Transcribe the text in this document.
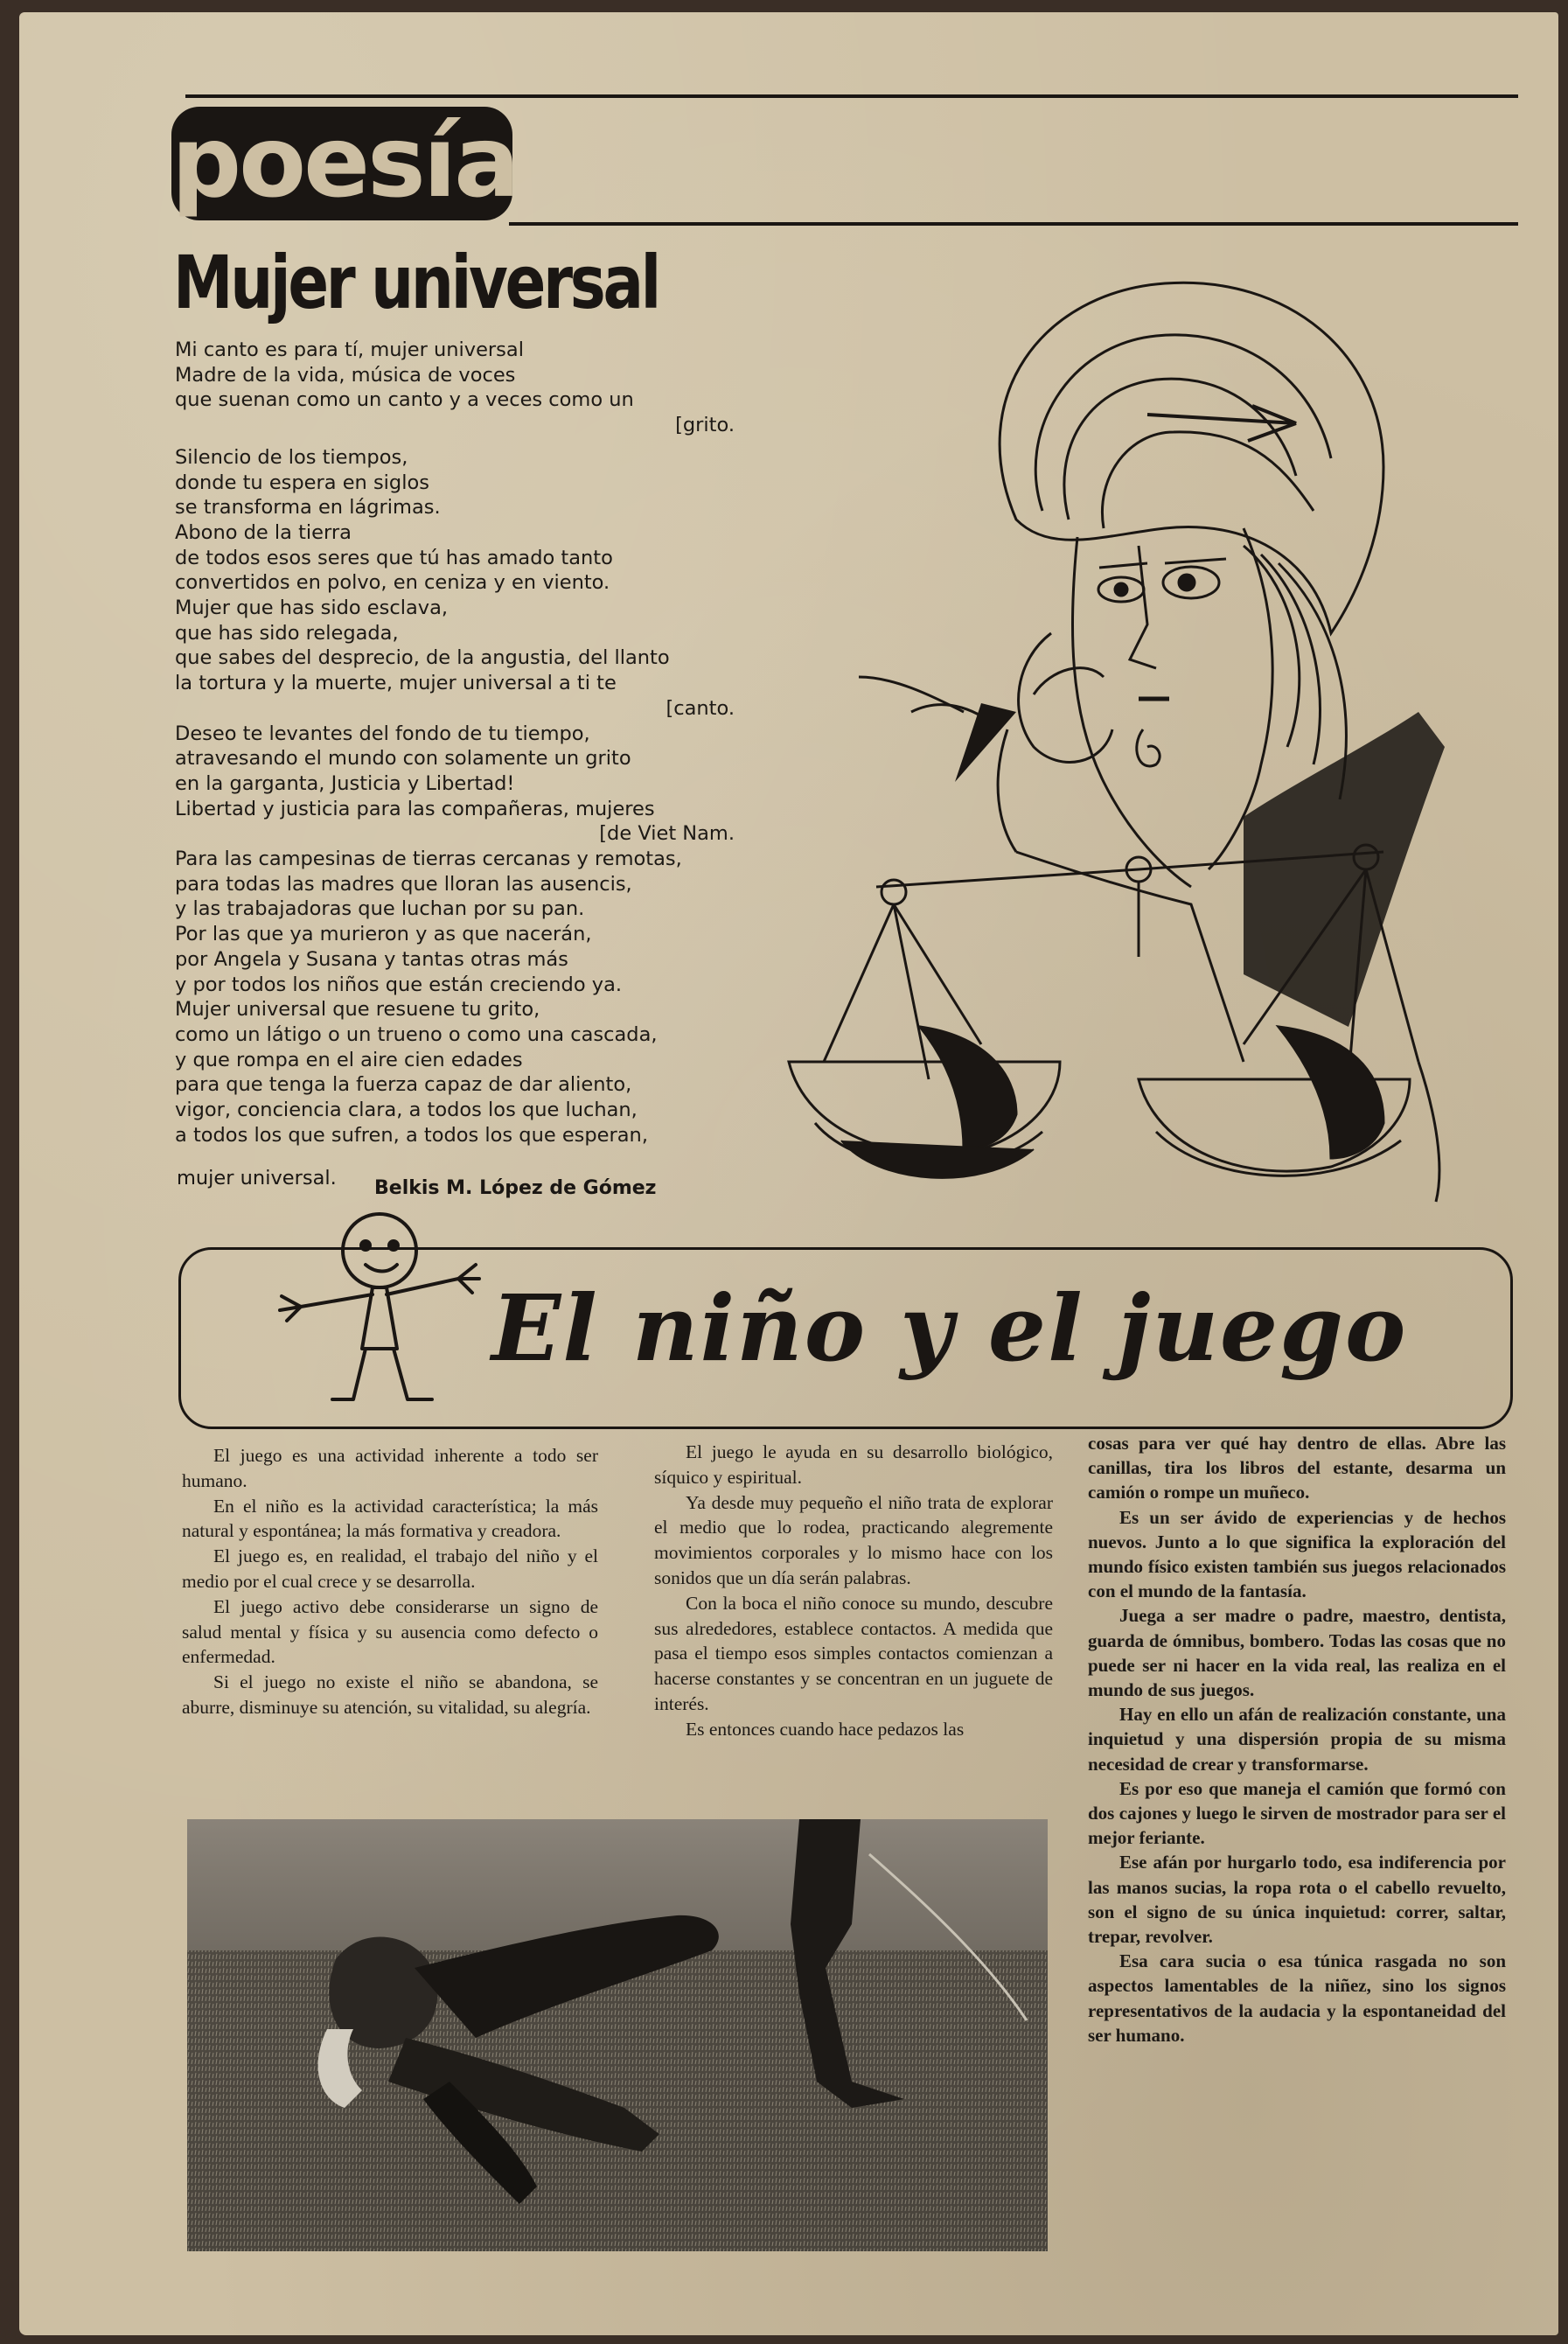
poesía
Mujer universal
Mi canto es para tí, mujer universal
Madre de la vida, música de voces
que suenan como un canto y a veces como un
[grito.
Silencio de los tiempos,
donde tu espera en siglos
se transforma en lágrimas.
Abono de la tierra
de todos esos seres que tú has amado tanto
convertidos en polvo, en ceniza y en viento.
Mujer que has sido esclava,
que has sido relegada,
que sabes del desprecio, de la angustia, del llanto
la tortura y la muerte, mujer universal a ti te
[canto.
Deseo te levantes del fondo de tu tiempo,
atravesando el mundo con solamente un grito
en la garganta, Justicia y Libertad!
Libertad y justicia para las compañeras, mujeres
[de Viet Nam.
Para las campesinas de tierras cercanas y remotas,
para todas las madres que lloran las ausencis,
y las trabajadoras que luchan por su pan.
Por las que ya murieron y as que nacerán,
por Angela y Susana y tantas otras más
y por todos los niños que están creciendo ya.
Mujer universal que resuene tu grito,
como un látigo o un trueno o como una cascada,
y que rompa en el aire cien edades
para que tenga la fuerza capaz de dar aliento,
vigor, conciencia clara, a todos los que luchan,
a todos los que sufren, a todos los que esperan,
mujer universal. Belkis M. López de Gómez
El niño y el juego

El juego es una actividad inherente a todo ser humano.

En el niño es la actividad característica; la más natural y espontánea; la más formativa y creadora.

El juego es, en realidad, el trabajo del niño y el medio por el cual crece y se desarrolla.

El juego activo debe considerarse un signo de salud mental y física y su ausencia como defecto o enfermedad.

Si el juego no existe el niño se abandona, se aburre, disminuye su atención, su vitalidad, su alegría.

El juego le ayuda en su desarrollo biológico, síquico y espiritual.

Ya desde muy pequeño el niño trata de explorar el medio que lo rodea, practicando alegremente movimientos corporales y lo mismo hace con los sonidos que un día serán palabras.

Con la boca el niño conoce su mundo, descubre sus alrededores, establece contactos. A medida que pasa el tiempo esos simples contactos comienzan a hacerse constantes y se concentran en un juguete de interés.

Es entonces cuando hace pedazos las

cosas para ver qué hay dentro de ellas. Abre las canillas, tira los libros del estante, desarma un camión o rompe un muñeco.

Es un ser ávido de experiencias y de hechos nuevos. Junto a lo que significa la exploración del mundo físico existen también sus juegos relacionados con el mundo de la fantasía.

Juega a ser madre o padre, maestro, dentista, guarda de ómnibus, bombero. Todas las cosas que no puede ser ni hacer en la vida real, las realiza en el mundo de sus juegos.

Hay en ello un afán de realización constante, una inquietud y una dispersión propia de su misma necesidad de crear y transformarse.

Es por eso que maneja el camión que formó con dos cajones y luego le sirven de mostrador para ser el mejor feriante.

Ese afán por hurgarlo todo, esa indiferencia por las manos sucias, la ropa rota o el cabello revuelto, son el signo de su única inquietud: correr, saltar, trepar, revolver.

Esa cara sucia o esa túnica rasgada no son aspectos lamentables de la niñez, sino los signos representativos de la audacia y la espontaneidad del ser humano.
